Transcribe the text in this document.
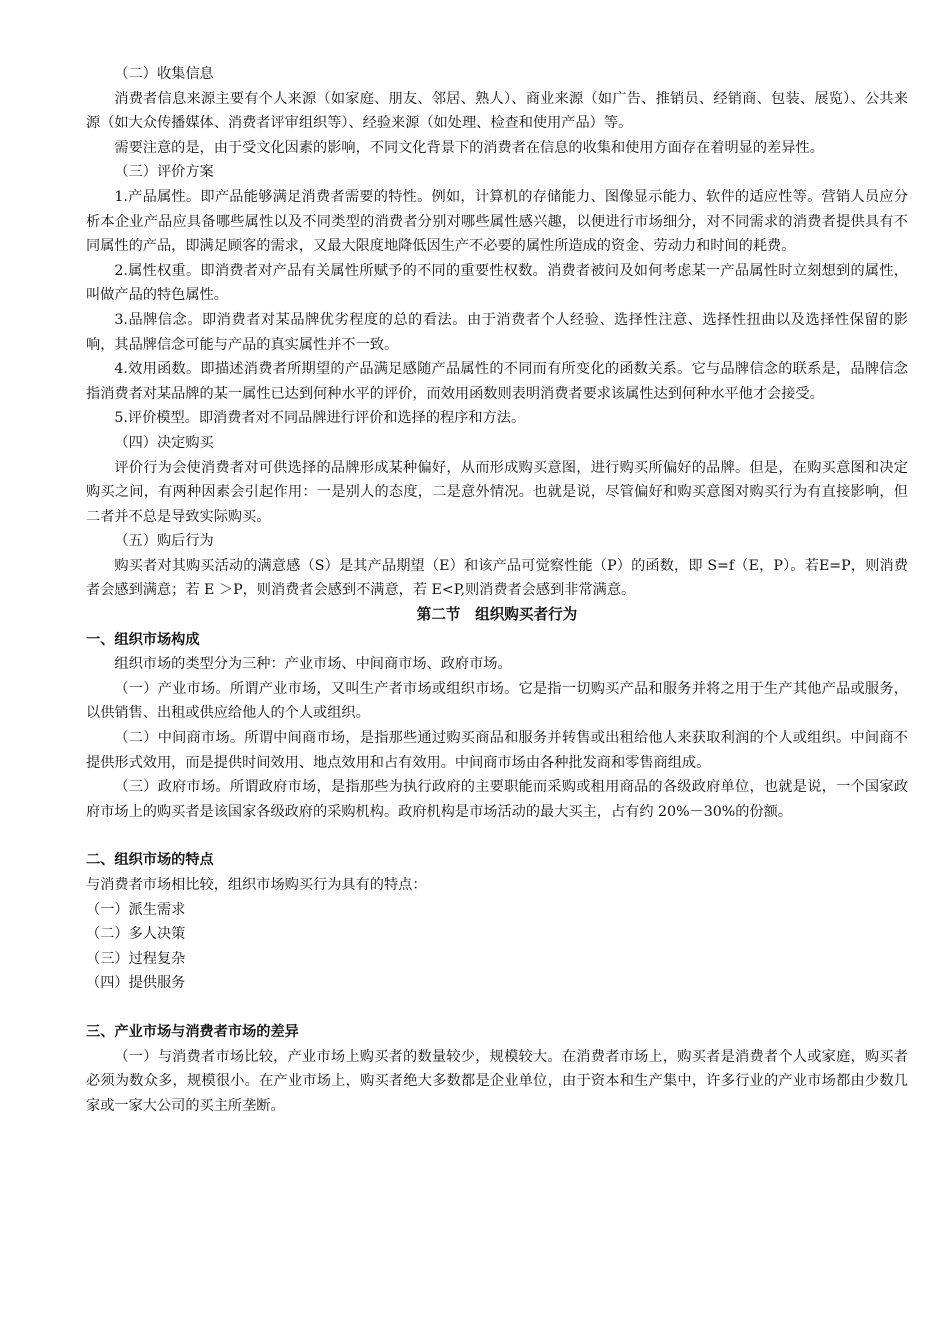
（二）收集信息

消费者信息来源主要有个人来源（如家庭、朋友、邻居、熟人）、商业来源（如广告、推销员、经销商、包装、展览）、公共来源（如大众传播媒体、消费者评审组织等）、经验来源（如处理、检查和使用产品）等。

需要注意的是，由于受文化因素的影响，不同文化背景下的消费者在信息的收集和使用方面存在着明显的差异性。

（三）评价方案

1.产品属性。即产品能够满足消费者需要的特性。例如，计算机的存储能力、图像显示能力、软件的适应性等。营销人员应分析本企业产品应具备哪些属性以及不同类型的消费者分别对哪些属性感兴趣，以便进行市场细分，对不同需求的消费者提供具有不同属性的产品，即满足顾客的需求，又最大限度地降低因生产不必要的属性所造成的资金、劳动力和时间的耗费。

2.属性权重。即消费者对产品有关属性所赋予的不同的重要性权数。消费者被问及如何考虑某一产品属性时立刻想到的属性，叫做产品的特色属性。

3.品牌信念。即消费者对某品牌优劣程度的总的看法。由于消费者个人经验、选择性注意、选择性扭曲以及选择性保留的影响，其品牌信念可能与产品的真实属性并不一致。

4.效用函数。即描述消费者所期望的产品满足感随产品属性的不同而有所变化的函数关系。它与品牌信念的联系是，品牌信念指消费者对某品牌的某一属性已达到何种水平的评价，而效用函数则表明消费者要求该属性达到何种水平他才会接受。

5.评价模型。即消费者对不同品牌进行评价和选择的程序和方法。

（四）决定购买

评价行为会使消费者对可供选择的品牌形成某种偏好，从而形成购买意图，进行购买所偏好的品牌。但是，在购买意图和决定购买之间，有两种因素会引起作用：一是别人的态度，二是意外情况。也就是说，尽管偏好和购买意图对购买行为有直接影响，但二者并不总是导致实际购买。

（五）购后行为

购买者对其购买活动的满意感（S）是其产品期望（E）和该产品可觉察性能（P）的函数，即 S=f（E，P）。若E=P，则消费者会感到满意；若 E ＞P，则消费者会感到不满意，若 E<P,则消费者会感到非常满意。

第二节　组织购买者行为

一、组织市场构成

组织市场的类型分为三种：产业市场、中间商市场、政府市场。

（一）产业市场。所谓产业市场，又叫生产者市场或组织市场。它是指一切购买产品和服务并将之用于生产其他产品或服务，以供销售、出租或供应给他人的个人或组织。

（二）中间商市场。所谓中间商市场，是指那些通过购买商品和服务并转售或出租给他人来获取利润的个人或组织。中间商不提供形式效用，而是提供时间效用、地点效用和占有效用。中间商市场由各种批发商和零售商组成。

（三）政府市场。所谓政府市场，是指那些为执行政府的主要职能而采购或租用商品的各级政府单位，也就是说，一个国家政府市场上的购买者是该国家各级政府的采购机构。政府机构是市场活动的最大买主，占有约 20%－30%的份额。

二、组织市场的特点

与消费者市场相比较，组织市场购买行为具有的特点：

（一）派生需求

（二）多人决策

（三）过程复杂

（四）提供服务

三、产业市场与消费者市场的差异

（一）与消费者市场比较，产业市场上购买者的数量较少，规模较大。在消费者市场上，购买者是消费者个人或家庭，购买者必须为数众多，规模很小。在产业市场上，购买者绝大多数都是企业单位，由于资本和生产集中，许多行业的产业市场都由少数几家或一家大公司的买主所垄断。
